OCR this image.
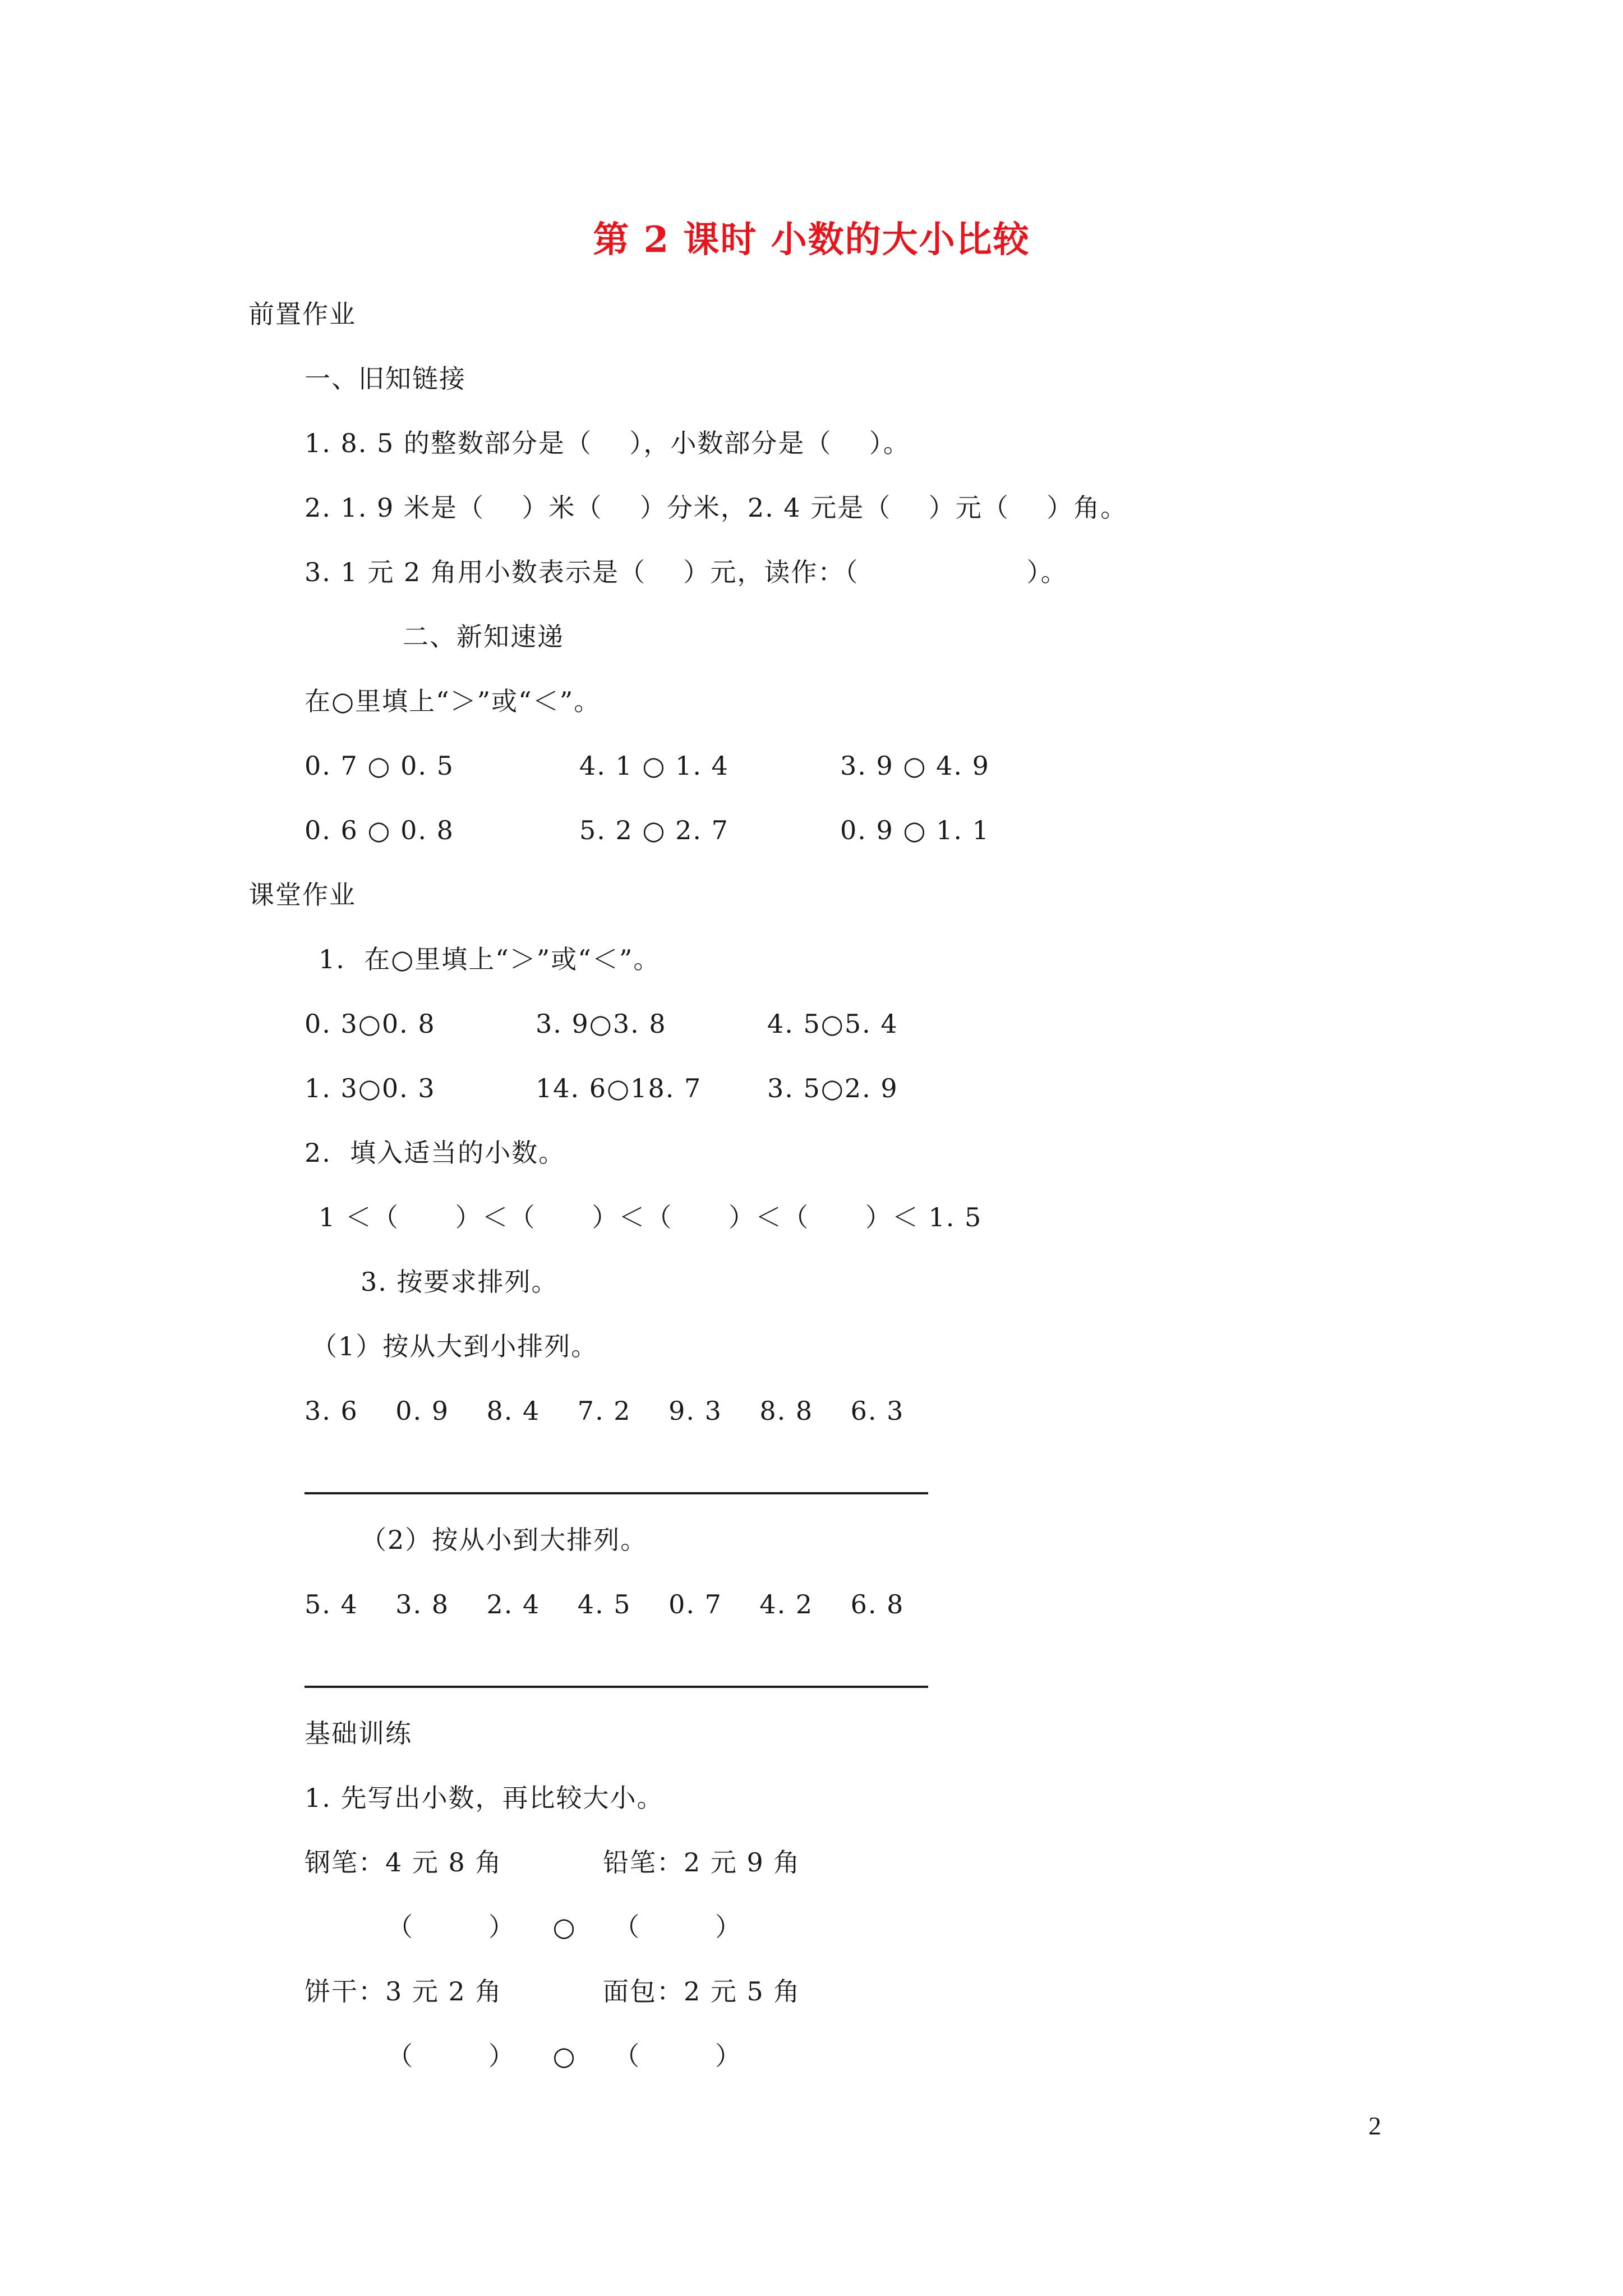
第 2 课时 小数的大小比较
前置作业
一、旧知链接
1. 8. 5 的整数部分是（    ），小数部分是（    ）。
2. 1. 9 米是（    ）米（    ）分米，2. 4 元是（    ）元（    ）角。
3. 1 元 2 角用小数表示是（    ）元，读作：（                  ）。
二、新知速递
在○里填上“＞”或“＜”。
0. 7 ○ 0. 5	4. 1 ○ 1. 4	3. 9 ○ 4. 9
0. 6 ○ 0. 8	5. 2 ○ 2. 7	0. 9 ○ 1. 1
课堂作业
1.  在○里填上“＞”或“＜”。
0. 3○0. 8	3. 9○3. 8	4. 5○5. 4
1. 3○0. 3	14. 6○18. 7	3. 5○2. 9
2.  填入适当的小数。
1 ＜（      ）＜（      ）＜（      ）＜（      ）＜ 1. 5
3. 按要求排列。
（1）按从大到小排列。
3. 6    0. 9    8. 4    7. 2    9. 3    8. 8    6. 3
（2）按从小到大排列。
5. 4    3. 8    2. 4    4. 5    0. 7    4. 2    6. 8
基础训练
1. 先写出小数，再比较大小。
钢笔：4 元 8 角	铅笔：2 元 9 角
（        ）    ○    （        ）
饼干：3 元 2 角	面包：2 元 5 角
（        ）    ○    （        ）
2
